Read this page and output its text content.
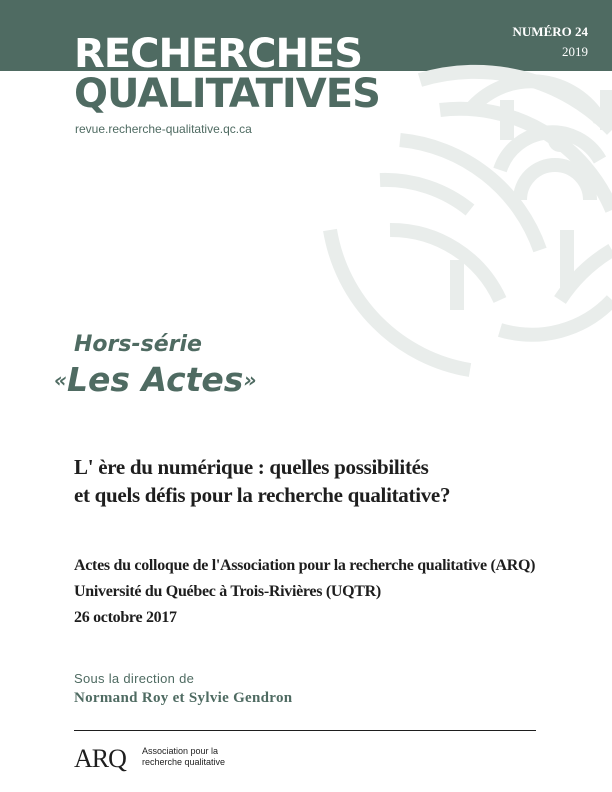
NUMÉRO 24
2019
RECHERCHES
QUALITATIVES
revue.recherche-qualitative.qc.ca
Hors-série
«Les Actes»
L' ère du numérique : quelles possibilités
et quels défis pour la recherche qualitative?
Actes du colloque de l'Association pour la recherche qualitative (ARQ)
Université du Québec à Trois-Rivières (UQTR)
26 octobre 2017
Sous la direction de
Normand Roy et Sylvie Gendron
ARQ Association pour la
recherche qualitative
